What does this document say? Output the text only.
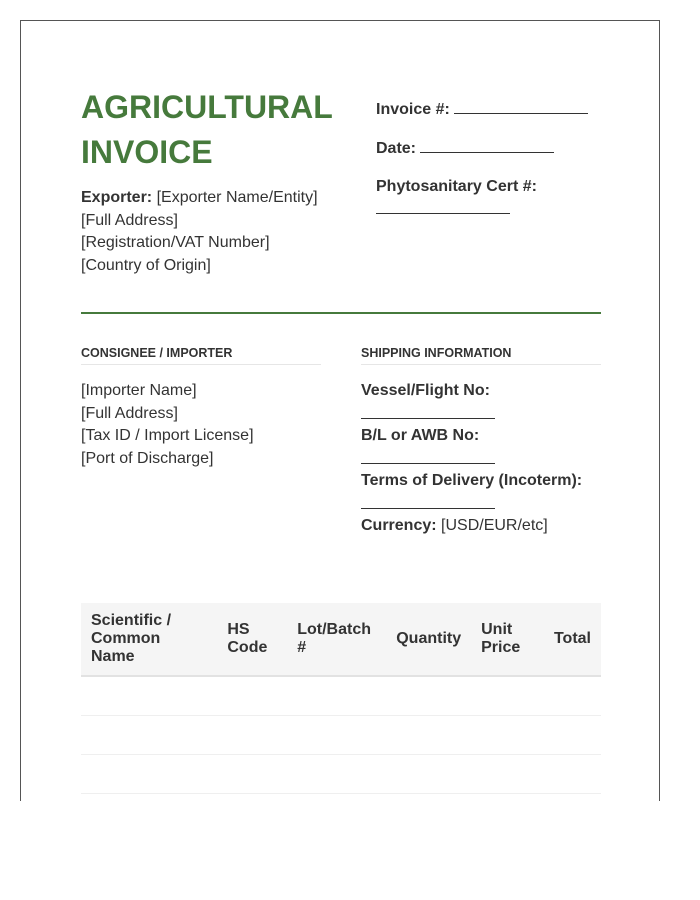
AGRICULTURAL
INVOICE
Exporter: [Exporter Name/Entity]
[Full Address]
[Registration/VAT Number]
[Country of Origin]
Invoice #:
Date:
Phytosanitary Cert #:
CONSIGNEE / IMPORTER
[Importer Name]
[Full Address]
[Tax ID / Import License]
[Port of Discharge]
SHIPPING INFORMATION
Vessel/Flight No:
B/L or AWB No:
Terms of Delivery (Incoterm):
Currency: [USD/EUR/etc]
Scientific / Common Name	HS Code	Lot/Batch #	Quantity	Unit Price	Total
